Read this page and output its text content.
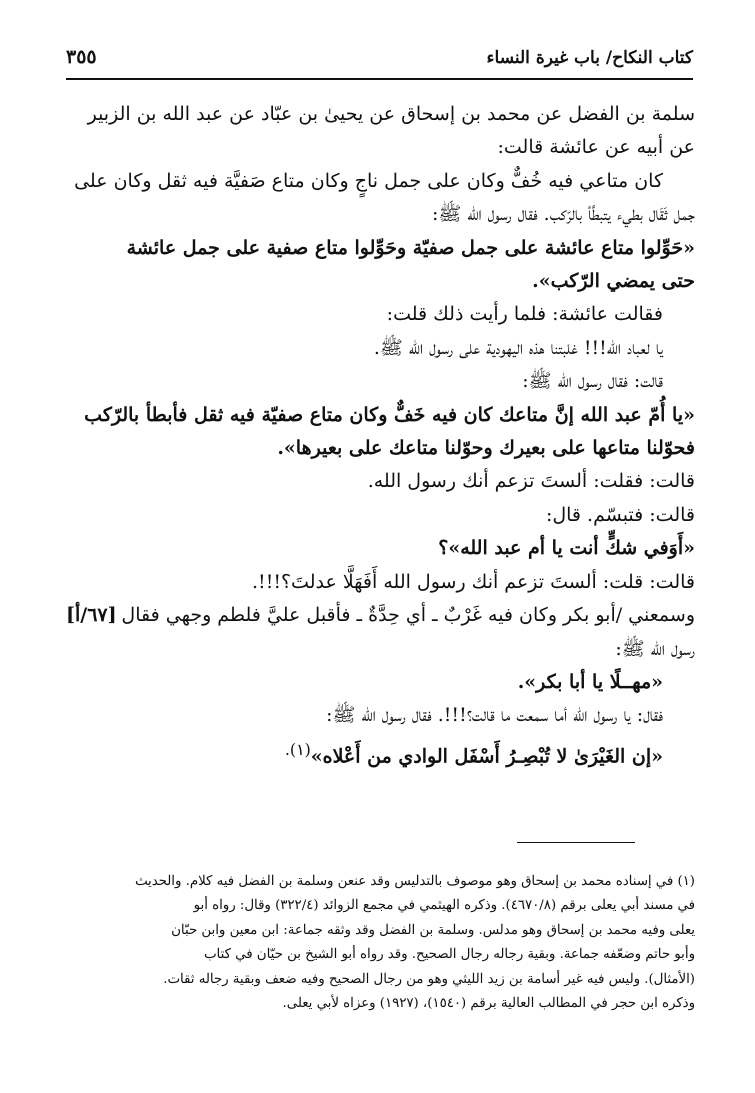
كتاب النكاح/ باب غيرة النساء
٣٥٥

سلمة بن الفضل عن محمد بن إسحاق عن يحيىٰ بن عبّاد عن عبد الله بن الزبير

عن أبيه عن عائشة قالت:

كان متاعي فيه خُفٌّ وكان على جمل ناجٍ وكان متاع صَفيَّة فيه ثقل وكان على

جمل ثَقَال بطيء يتبطَّأ بالرّكب. فقال رسول الله ﷺ:

«حَوِّلوا متاع عائشة على جمل صفيّة وحَوِّلوا متاع صفية على جمل عائشة

حتى يمضي الرّكب».

فقالت عائشة: فلما رأيت ذلك قلت:

يا لعباد الله!!! غلبتنا هذه اليهودية على رسول الله ﷺ.

قالت: فقال رسول الله ﷺ:

«يا أُمّ عبد الله إنَّ متاعك كان فيه خَفٌّ وكان متاع صفيّة فيه ثقل فأبطأ بالرّكب

فحوّلنا متاعها على بعيرك وحوّلنا متاعك على بعيرها».

قالت: فقلت: ألستَ تزعم أنك رسول الله.

قالت: فتبسّم. قال:

«أَوَفي شكٍّ أنت يا أم عبد الله»؟

قالت: قلت: ألستَ تزعم أنك رسول الله أَفَهَلَّا عدلتَ؟!!!.

[٦٧/أ] وسمعني /أبو بكر وكان فيه غَرْبٌ ـ أي حِدَّةٌ ـ فأقبل عليَّ فلطم وجهي فقال

رسول الله ﷺ:

«مهــلًا يا أبا بكر».

فقال: يا رسول الله أما سمعت ما قالت؟!!!. فقال رسول الله ﷺ:

«إن الغَيْرَىٰ لا تُبْصِـرُ أَسْفَل الوادي من أَعْلاه»$^{(١).}$

(١) في إسناده محمد بن إسحاق وهو موصوف بالتدليس وقد عنعن وسلمة بن الفضل فيه كلام. والحديث

في مسند أبي يعلى برقم (٤٦٧٠/٨). وذكره الهيثمي في مجمع الزوائد (٣٢٢/٤) وقال: رواه أبو

يعلى وفيه محمد بن إسحاق وهو مدلس. وسلمة بن الفضل وقد وثقه جماعة: ابن معين وابن حبّان

وأبو حاتم وضعّفه جماعة. وبقية رجاله رجال الصحيح. وقد رواه أبو الشيخ بن حيّان في كتاب

(الأمثال). وليس فيه غير أسامة بن زيد الليثي وهو من رجال الصحيح وفيه ضعف وبقية رجاله ثقات.

وذكره ابن حجر في المطالب العالية برقم (١٥٤٠)، (١٩٢٧) وعزاه لأبي يعلى.
